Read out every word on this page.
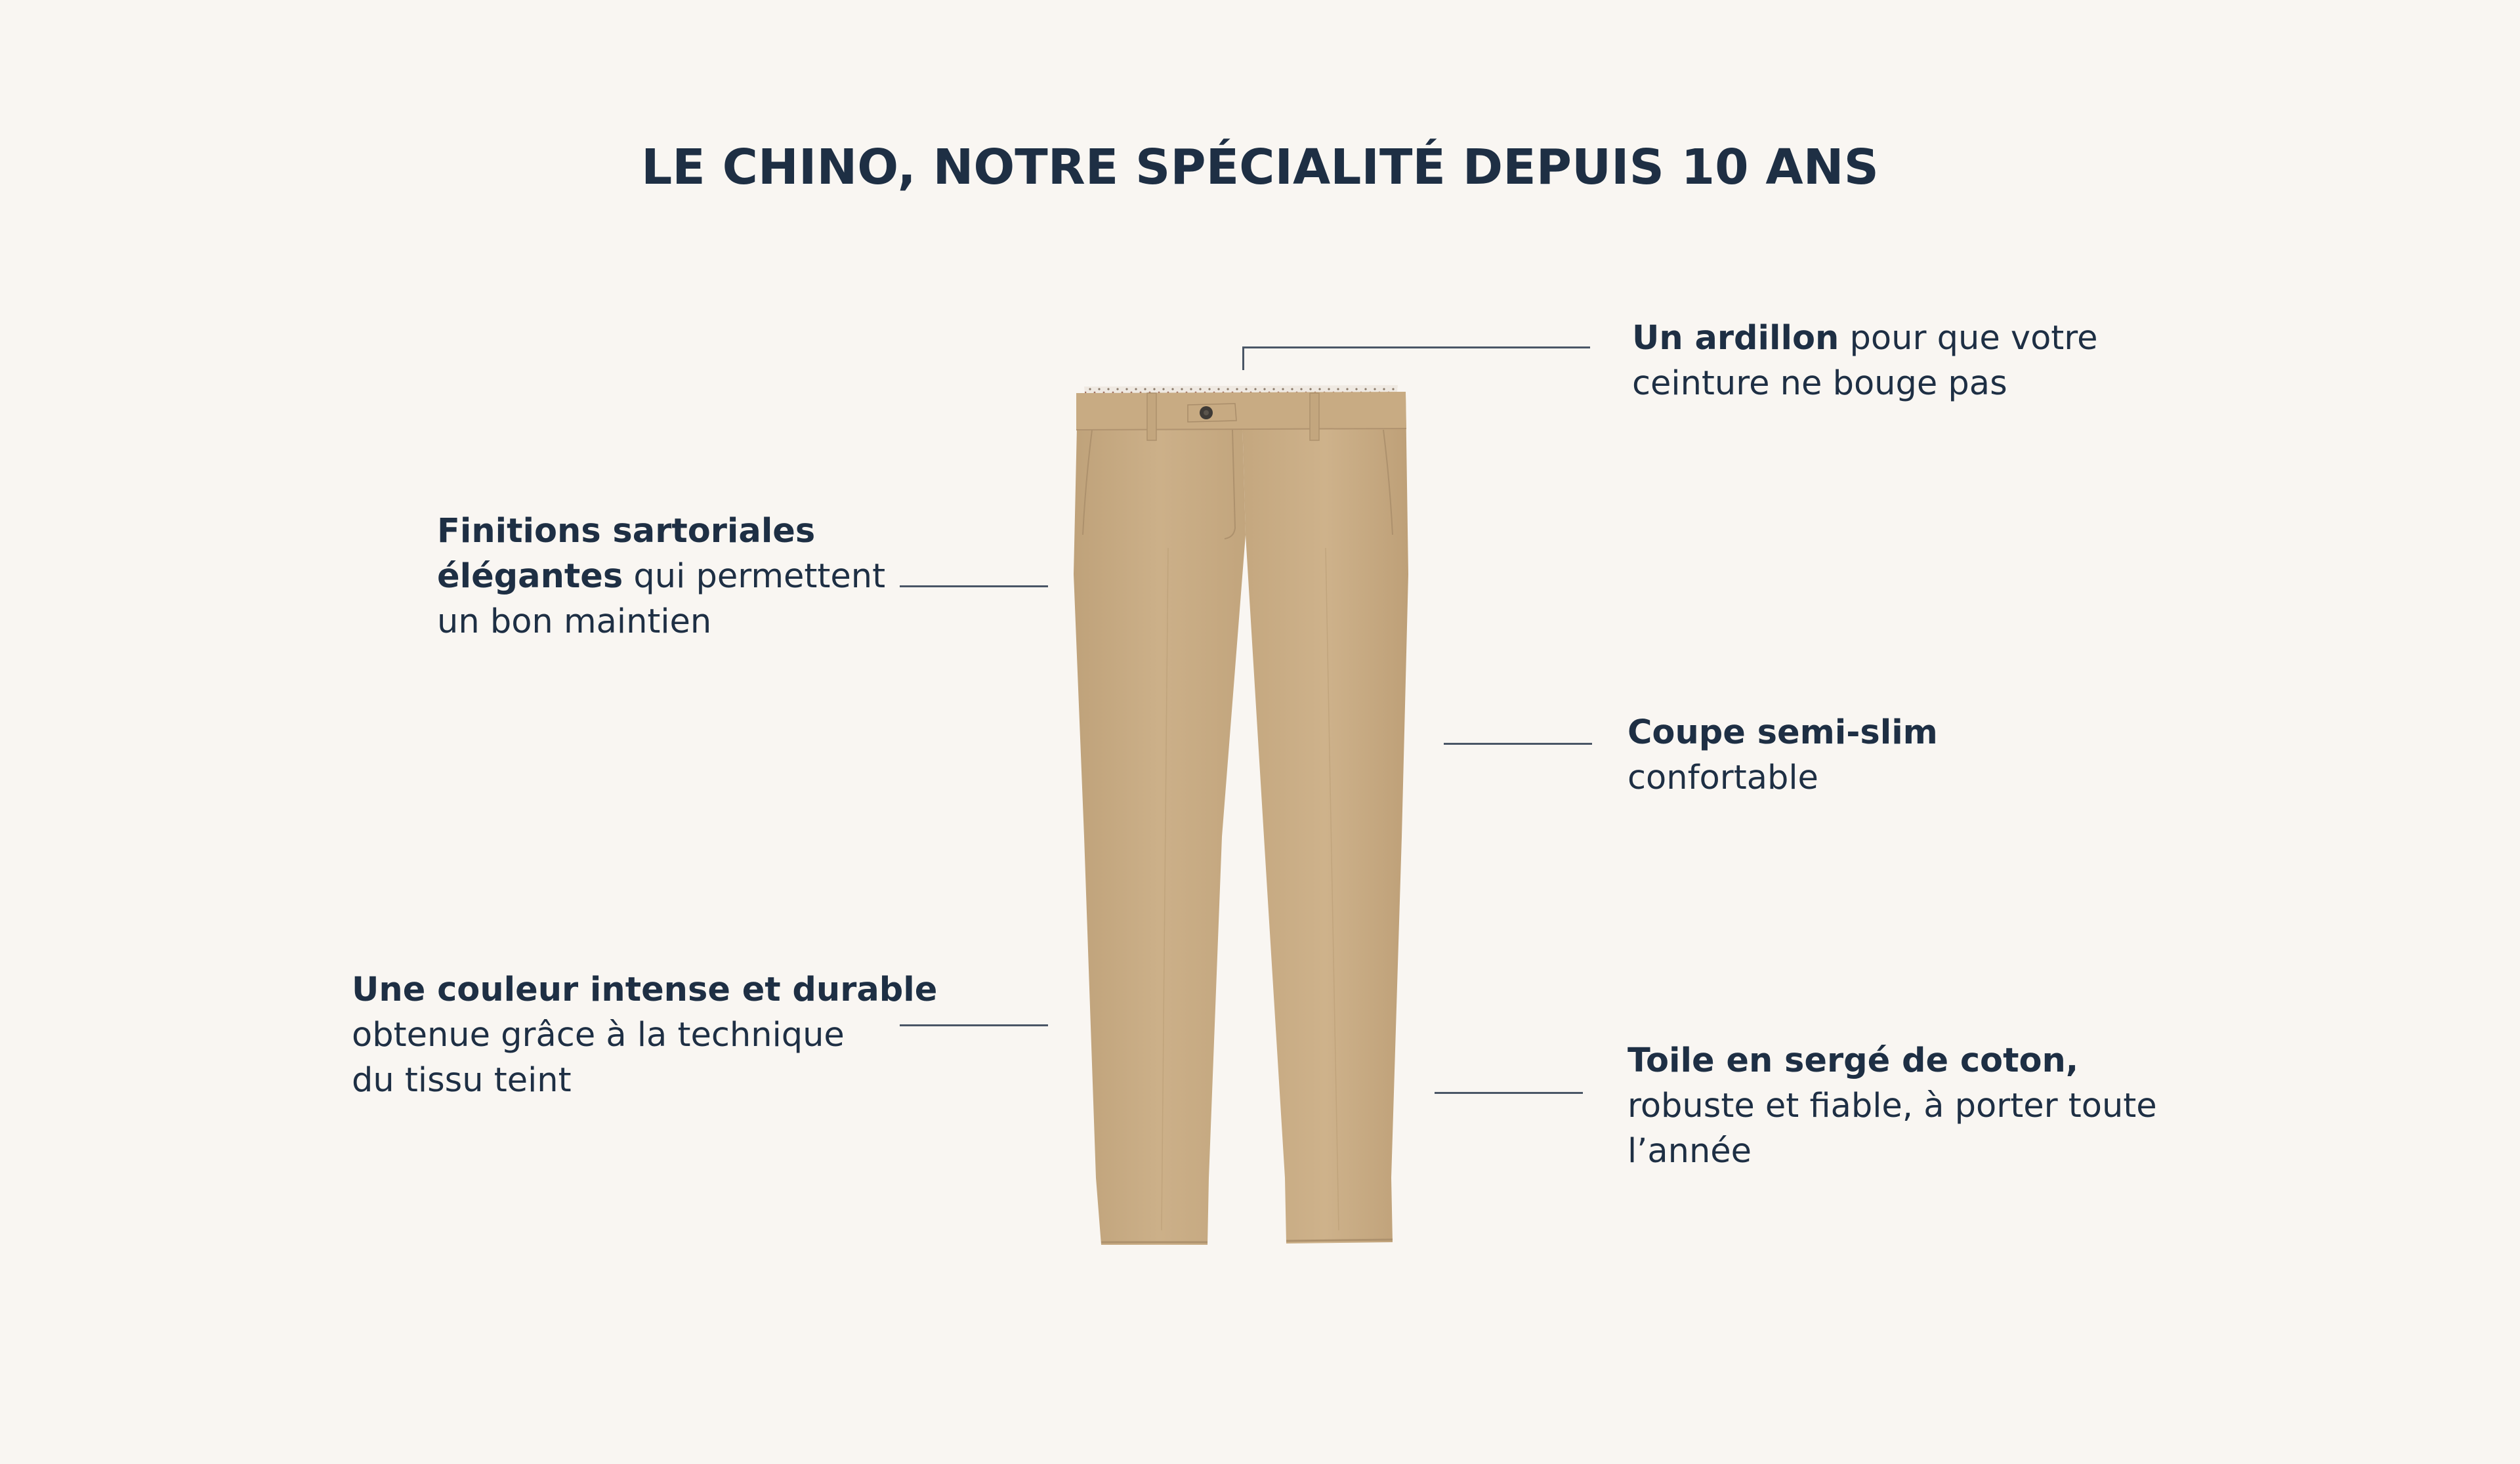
LE CHINO, NOTRE SPÉCIALITÉ DEPUIS 10 ANS
Un ardillon pour que votre
ceinture ne bouge pas
Finitions sartoriales
élégantes qui permettent
un bon maintien
Coupe semi-slim
confortable
Une couleur intense et durable
obtenue grâce à la technique
du tissu teint
Toile en sergé de coton,
robuste et fiable, à porter toute
l’année
